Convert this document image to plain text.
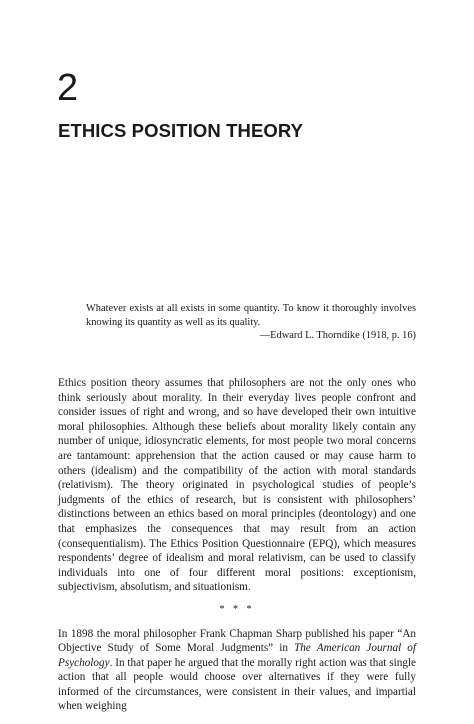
2
ETHICS POSITION THEORY

Whatever exists at all exists in some quantity. To know it thoroughly involves knowing its quantity as well as its quality.

—Edward L. Thorndike (1918, p. 16)

Ethics position theory assumes that philosophers are not the only ones who think seriously about morality. In their everyday lives people confront and consider issues of right and wrong, and so have developed their own intuitive moral philosophies. Although these beliefs about morality likely contain any number of unique, idiosyncratic elements, for most people two moral concerns are tantamount: apprehension that the action caused or may cause harm to others (idealism) and the compatibility of the action with moral standards (relativism). The theory originated in psychological studies of people’s judgments of the ethics of research, but is consistent with philosophers’ distinctions between an ethics based on moral principles (deontology) and one that emphasizes the consequences that may result from an action (consequentialism). The Ethics Position Questionnaire (EPQ), which measures respondents’ degree of idealism and moral relativism, can be used to classify individuals into one of four different moral positions: exceptionism, subjectivism, absolutism, and situationism.

* * *

In 1898 the moral philosopher Frank Chapman Sharp published his paper “An Objective Study of Some Moral Judgments” in The American Journal of Psychology. In that paper he argued that the morally right action was that single action that all people would choose over alternatives if they were fully informed of the circumstances, were consistent in their values, and impartial when weighing
